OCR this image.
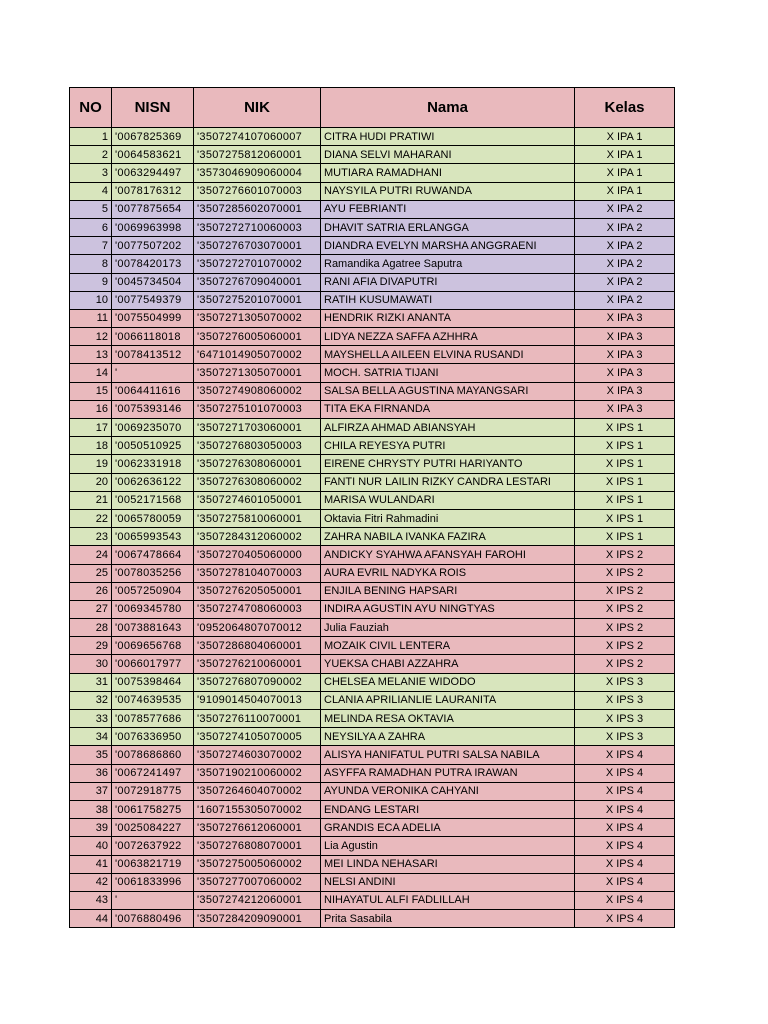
NO	NISN	NIK	Nama	Kelas
1	'0067825369	'3507274107060007	CITRA HUDI PRATIWI	X IPA 1
2	'0064583621	'3507275812060001	DIANA SELVI MAHARANI	X IPA 1
3	'0063294497	'3573046909060004	MUTIARA RAMADHANI	X IPA 1
4	'0078176312	'3507276601070003	NAYSYILA PUTRI RUWANDA	X IPA 1
5	'0077875654	'3507285602070001	AYU FEBRIANTI	X IPA 2
6	'0069963998	'3507272710060003	DHAVIT SATRIA ERLANGGA	X IPA 2
7	'0077507202	'3507276703070001	DIANDRA EVELYN MARSHA ANGGRAENI	X IPA 2
8	'0078420173	'3507272701070002	Ramandika Agatree Saputra	X IPA 2
9	'0045734504	'3507276709040001	RANI AFIA DIVAPUTRI	X IPA 2
10	'0077549379	'3507275201070001	RATIH KUSUMAWATI	X IPA 2
11	'0075504999	'3507271305070002	HENDRIK RIZKI ANANTA	X IPA 3
12	'0066118018	'3507276005060001	LIDYA NEZZA SAFFA AZHHRA	X IPA 3
13	'0078413512	'6471014905070002	MAYSHELLA AILEEN ELVINA RUSANDI	X IPA 3
14	'	'3507271305070001	MOCH. SATRIA TIJANI	X IPA 3
15	'0064411616	'3507274908060002	SALSA BELLA AGUSTINA MAYANGSARI	X IPA 3
16	'0075393146	'3507275101070003	TITA EKA FIRNANDA	X IPA 3
17	'0069235070	'3507271703060001	ALFIRZA AHMAD ABIANSYAH	X IPS 1
18	'0050510925	'3507276803050003	CHILA REYESYA PUTRI	X IPS 1
19	'0062331918	'3507276308060001	EIRENE CHRYSTY PUTRI HARIYANTO	X IPS 1
20	'0062636122	'3507276308060002	FANTI NUR LAILIN RIZKY CANDRA LESTARI	X IPS 1
21	'0052171568	'3507274601050001	MARISA WULANDARI	X IPS 1
22	'0065780059	'3507275810060001	Oktavia Fitri Rahmadini	X IPS 1
23	'0065993543	'3507284312060002	ZAHRA NABILA IVANKA FAZIRA	X IPS 1
24	'0067478664	'3507270405060000	ANDICKY SYAHWA AFANSYAH FAROHI	X IPS 2
25	'0078035256	'3507278104070003	AURA EVRIL NADYKA ROIS	X IPS 2
26	'0057250904	'3507276205050001	ENJILA BENING HAPSARI	X IPS 2
27	'0069345780	'3507274708060003	INDIRA AGUSTIN AYU NINGTYAS	X IPS 2
28	'0073881643	'0952064807070012	Julia Fauziah	X IPS 2
29	'0069656768	'3507286804060001	MOZAIK CIVIL LENTERA	X IPS 2
30	'0066017977	'3507276210060001	YUEKSA CHABI AZZAHRA	X IPS 2
31	'0075398464	'3507276807090002	CHELSEA MELANIE WIDODO	X IPS 3
32	'0074639535	'9109014504070013	CLANIA APRILIANLIE LAURANITA	X IPS 3
33	'0078577686	'3507276110070001	MELINDA RESA OKTAVIA	X IPS 3
34	'0076336950	'3507274105070005	NEYSILYA A ZAHRA	X IPS 3
35	'0078686860	'3507274603070002	ALISYA HANIFATUL PUTRI SALSA NABILA	X IPS 4
36	'0067241497	'3507190210060002	ASYFFA RAMADHAN PUTRA IRAWAN	X IPS 4
37	'0072918775	'3507264604070002	AYUNDA VERONIKA CAHYANI	X IPS 4
38	'0061758275	'1607155305070002	ENDANG LESTARI	X IPS 4
39	'0025084227	'3507276612060001	GRANDIS ECA ADELIA	X IPS 4
40	'0072637922	'3507276808070001	Lia Agustin	X IPS 4
41	'0063821719	'3507275005060002	MEI LINDA NEHASARI	X IPS 4
42	'0061833996	'3507277007060002	NELSI ANDINI	X IPS 4
43	'	'3507274212060001	NIHAYATUL ALFI FADLILLAH	X IPS 4
44	'0076880496	'3507284209090001	Prita Sasabila	X IPS 4
